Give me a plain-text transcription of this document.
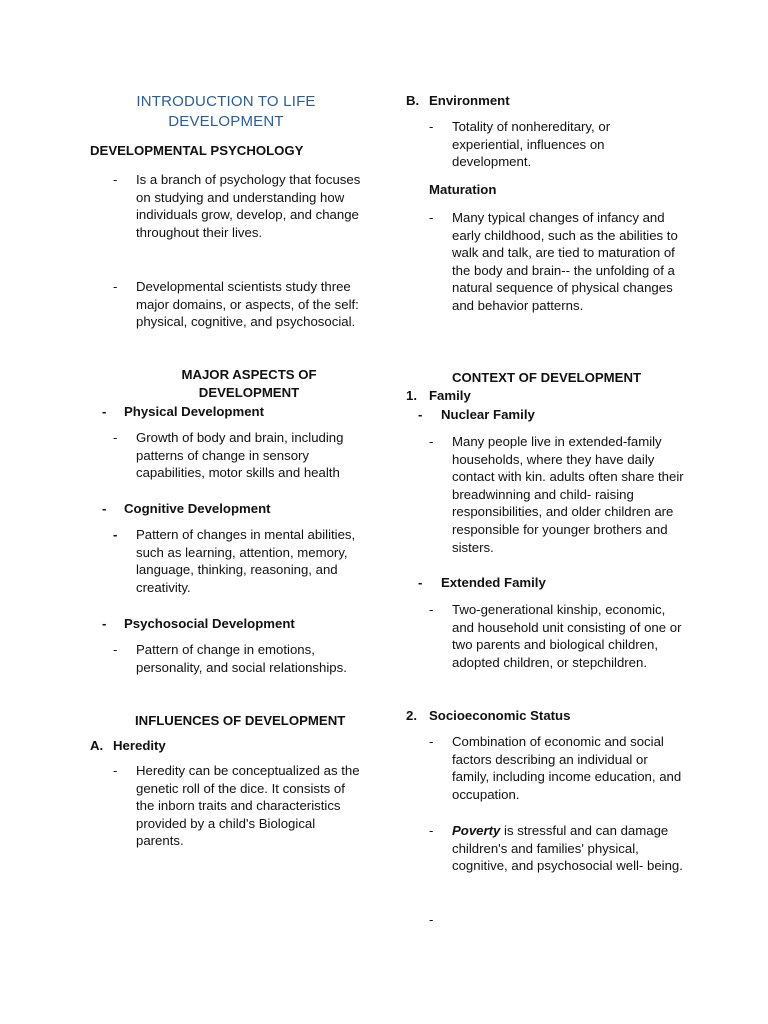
INTRODUCTION TO LIFE DEVELOPMENT
DEVELOPMENTAL PSYCHOLOGY
- Is a branch of psychology that focuses on studying and understanding how individuals grow, develop, and change throughout their lives.
- Developmental scientists study three major domains, or aspects, of the self: physical, cognitive, and psychosocial.
MAJOR ASPECTS OF DEVELOPMENT
- Physical Development
- Growth of body and brain, including patterns of change in sensory capabilities, motor skills and health
- Cognitive Development
- Pattern of changes in mental abilities, such as learning, attention, memory, language, thinking, reasoning, and creativity.
- Psychosocial Development
- Pattern of change in emotions, personality, and social relationships.
INFLUENCES OF DEVELOPMENT
A. Heredity
- Heredity can be conceptualized as the genetic roll of the dice. It consists of the inborn traits and characteristics provided by a child's Biological parents.
B. Environment
- Totality of nonhereditary, or experiential, influences on development.
Maturation
- Many typical changes of infancy and early childhood, such as the abilities to walk and talk, are tied to maturation of the body and brain-- the unfolding of a natural sequence of physical changes and behavior patterns.
CONTEXT OF DEVELOPMENT
1. Family
- Nuclear Family
- Many people live in extended-family households, where they have daily contact with kin. adults often share their breadwinning and child- raising responsibilities, and older children are responsible for younger brothers and sisters.
- Extended Family
- Two-generational kinship, economic, and household unit consisting of one or two parents and biological children, adopted children, or stepchildren.
2. Socioeconomic Status
- Combination of economic and social factors describing an individual or family, including income education, and occupation.
- Poverty is stressful and can damage children's and families' physical, cognitive, and psychosocial well- being.
-
